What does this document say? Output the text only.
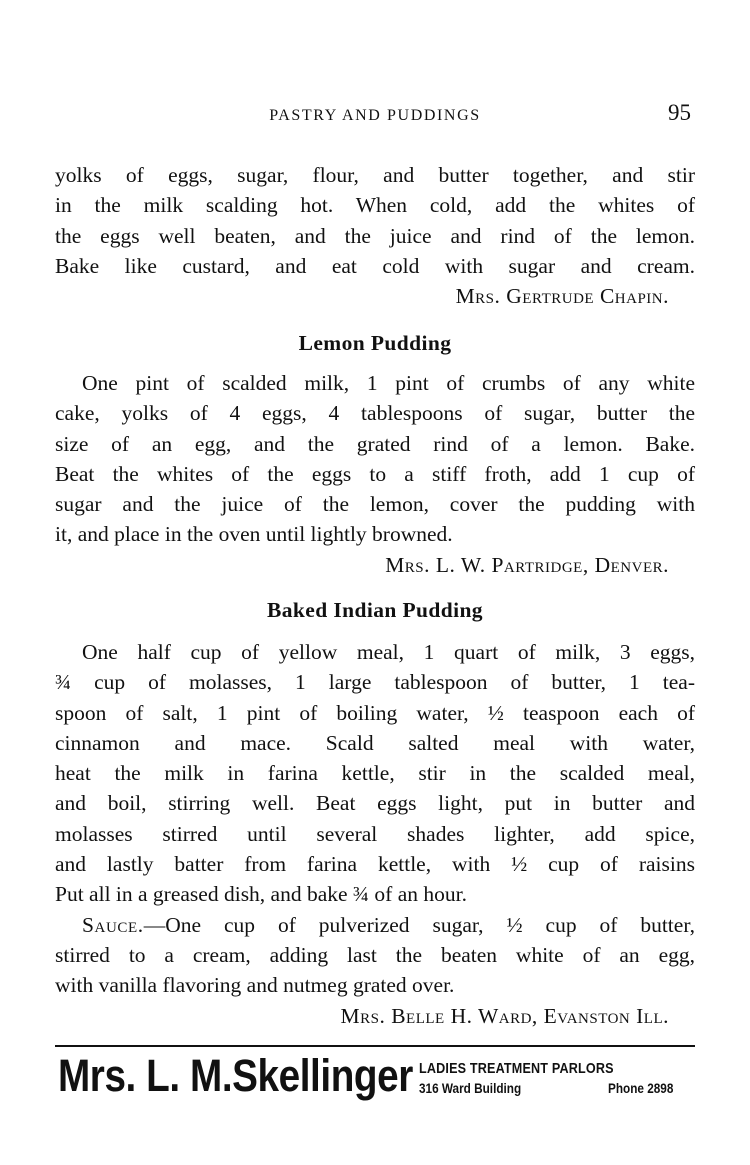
PASTRY AND PUDDINGS	95
yolks of eggs, sugar, flour, and butter together, and stir
in the milk scalding hot. When cold, add the whites of
the eggs well beaten, and the juice and rind of the lemon.
Bake like custard, and eat cold with sugar and cream.
Mrs. Gertrude Chapin.
Lemon Pudding
One pint of scalded milk, 1 pint of crumbs of any white
cake, yolks of 4 eggs, 4 tablespoons of sugar, butter the
size of an egg, and the grated rind of a lemon. Bake.
Beat the whites of the eggs to a stiff froth, add 1 cup of
sugar and the juice of the lemon, cover the pudding with
it, and place in the oven until lightly browned.
Mrs. L. W. Partridge, Denver.
Baked Indian Pudding
One half cup of yellow meal, 1 quart of milk, 3 eggs,
¾ cup of molasses, 1 large tablespoon of butter, 1 tea-
spoon of salt, 1 pint of boiling water, ½ teaspoon each of
cinnamon and mace. Scald salted meal with water,
heat the milk in farina kettle, stir in the scalded meal,
and boil, stirring well. Beat eggs light, put in butter and
molasses stirred until several shades lighter, add spice,
and lastly batter from farina kettle, with ½ cup of raisins
Put all in a greased dish, and bake ¾ of an hour.
Sauce.—One cup of pulverized sugar, ½ cup of butter,
stirred to a cream, adding last the beaten white of an egg,
with vanilla flavoring and nutmeg grated over.
Mrs. Belle H. Ward, Evanston Ill.
Mrs. L. M.Skellinger LADIES TREATMENT PARLORS
316 Ward Building	Phone 2898
